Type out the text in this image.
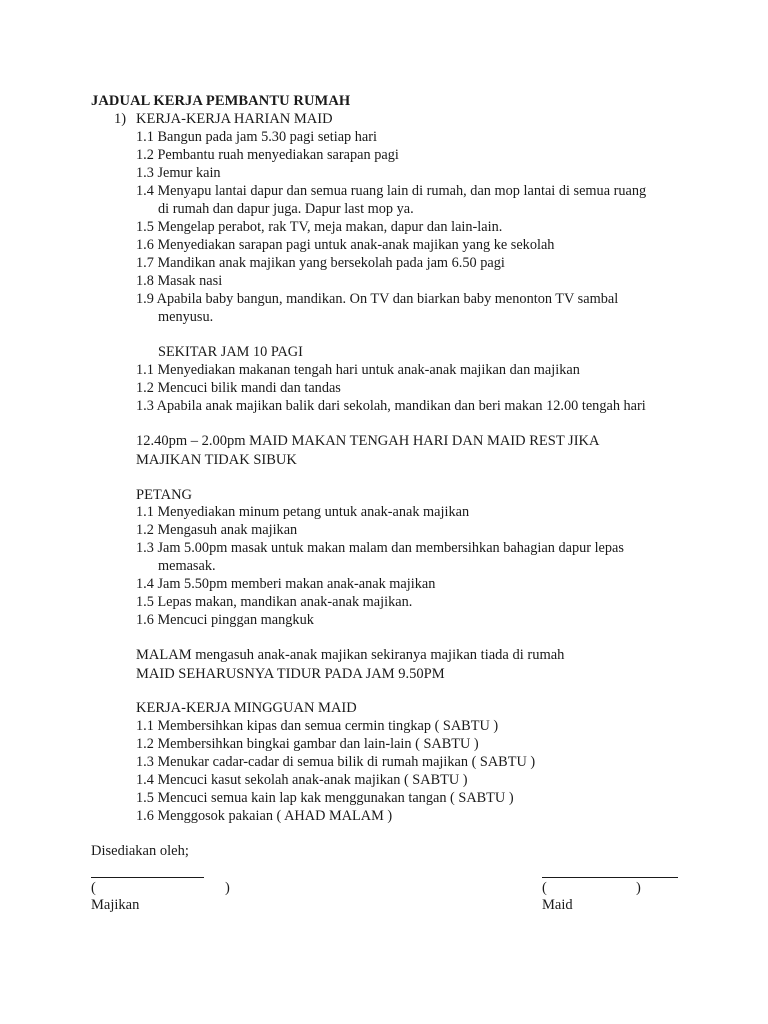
JADUAL KERJA PEMBANTU RUMAH
1) KERJA-KERJA HARIAN MAID
1.1 Bangun pada jam 5.30 pagi setiap hari
1.2 Pembantu ruah menyediakan sarapan pagi
1.3 Jemur kain
1.4 Menyapu lantai dapur dan semua ruang lain di rumah, dan mop lantai di semua ruang
di rumah dan dapur juga. Dapur last mop ya.
1.5 Mengelap perabot, rak TV, meja makan, dapur dan lain-lain.
1.6 Menyediakan sarapan pagi untuk anak-anak majikan yang ke sekolah
1.7 Mandikan anak majikan yang bersekolah pada jam 6.50 pagi
1.8 Masak nasi
1.9 Apabila baby bangun, mandikan. On TV dan biarkan baby menonton TV sambal
menyusu.
SEKITAR JAM 10 PAGI
1.1 Menyediakan makanan tengah hari untuk anak-anak majikan dan majikan
1.2 Mencuci bilik mandi dan tandas
1.3 Apabila anak majikan balik dari sekolah, mandikan dan beri makan 12.00 tengah hari
12.40pm – 2.00pm MAID MAKAN TENGAH HARI DAN MAID REST JIKA
MAJIKAN TIDAK SIBUK
PETANG
1.1 Menyediakan minum petang untuk anak-anak majikan
1.2 Mengasuh anak majikan
1.3 Jam 5.00pm masak untuk makan malam dan membersihkan bahagian dapur lepas
memasak.
1.4 Jam 5.50pm memberi makan anak-anak majikan
1.5 Lepas makan, mandikan anak-anak majikan.
1.6 Mencuci pinggan mangkuk
MALAM mengasuh anak-anak majikan sekiranya majikan tiada di rumah
MAID SEHARUSNYA TIDUR PADA JAM 9.50PM
KERJA-KERJA MINGGUAN MAID
1.1 Membersihkan kipas dan semua cermin tingkap ( SABTU )
1.2 Membersihkan bingkai gambar dan lain-lain ( SABTU )
1.3 Menukar cadar-cadar di semua bilik di rumah majikan ( SABTU )
1.4 Mencuci kasut sekolah anak-anak majikan ( SABTU )
1.5 Mencuci semua kain lap kak menggunakan tangan ( SABTU )
1.6 Menggosok pakaian ( AHAD MALAM )
Disediakan oleh;
(	)	(	)
Majikan	Maid
